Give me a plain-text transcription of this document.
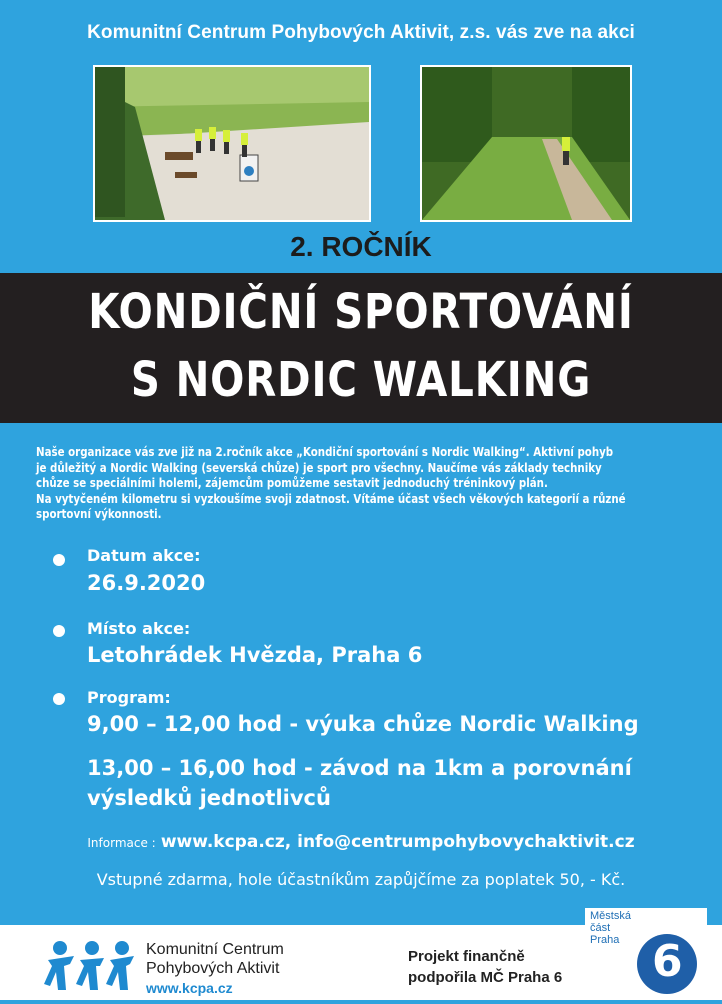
Komunitní Centrum Pohybových Aktivit, z.s. vás zve na akci
2. ROČNÍK
KONDIČNÍ SPORTOVÁNÍ
S NORDIC WALKING
Naše organizace vás zve již na 2.ročník akce „Kondiční sportování s Nordic Walking“. Aktivní pohyb
je důležitý a Nordic Walking (severská chůze) je sport pro všechny. Naučíme vás základy techniky
chůze se speciálními holemi, zájemcům pomůžeme sestavit jednoduchý tréninkový plán.
Na vytyčeném kilometru si vyzkoušíme svoji zdatnost. Vítáme účast všech věkových kategorií a různé
sportovní výkonnosti.
Datum akce:
26.9.2020
Místo akce:
Letohrádek Hvězda, Praha 6
Program:
9,00 – 12,00 hod - výuka chůze Nordic Walking
13,00 – 16,00 hod - závod na 1km a porovnání
výsledků jednotlivců
Informace : www.kcpa.cz, info@centrumpohybovychaktivit.cz
Vstupné zdarma, hole účastníkům zapůjčíme za poplatek 50, - Kč.
Komunitní Centrum
Pohybových Aktivit
www.kcpa.cz
Projekt finančně
podpořila MČ Praha 6
Městská
část
Praha 6
